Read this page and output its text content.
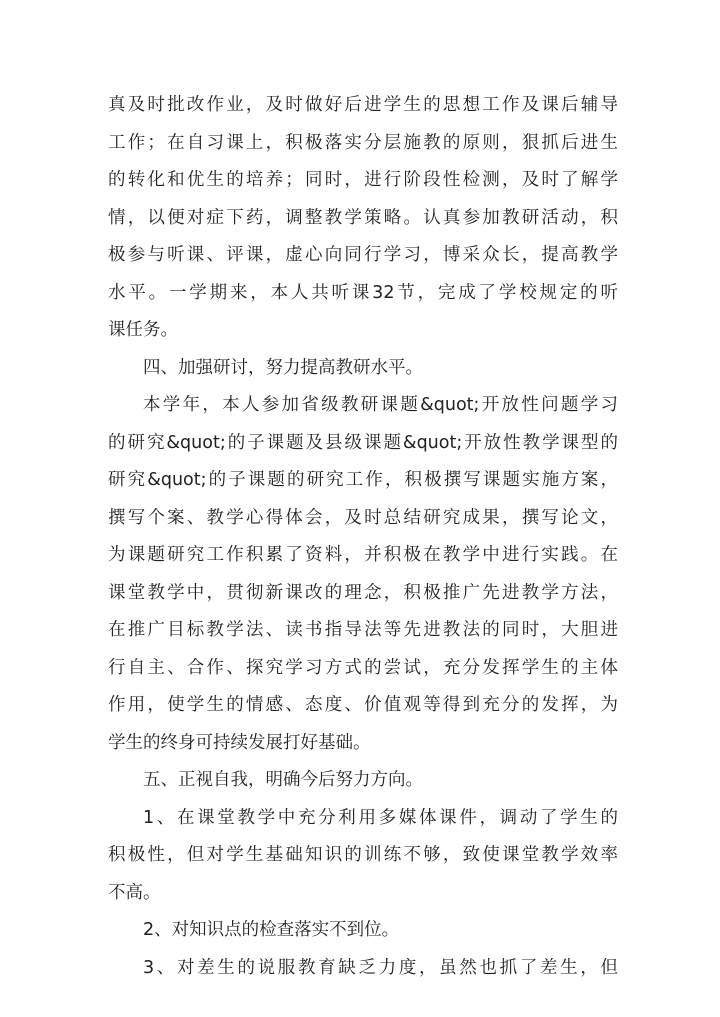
真及时批改作业，及时做好后进学生的思想工作及课后辅导
工作；在自习课上，积极落实分层施教的原则，狠抓后进生
的转化和优生的培养；同时，进行阶段性检测，及时了解学
情，以便对症下药，调整教学策略。认真参加教研活动，积
极参与听课、评课，虚心向同行学习，博采众长，提高教学
水平。一学期来，本人共听课32节，完成了学校规定的听
课任务。
四、加强研讨，努力提高教研水平。
本学年，本人参加省级教研课题&quot;开放性问题学习
的研究&quot;的子课题及县级课题&quot;开放性教学课型的
研究&quot;的子课题的研究工作，积极撰写课题实施方案，
撰写个案、教学心得体会，及时总结研究成果，撰写论文，
为课题研究工作积累了资料，并积极在教学中进行实践。在
课堂教学中，贯彻新课改的理念，积极推广先进教学方法，
在推广目标教学法、读书指导法等先进教法的同时，大胆进
行自主、合作、探究学习方式的尝试，充分发挥学生的主体
作用，使学生的情感、态度、价值观等得到充分的发挥，为
学生的终身可持续发展打好基础。
五、正视自我，明确今后努力方向。
1、在课堂教学中充分利用多媒体课件，调动了学生的
积极性，但对学生基础知识的训练不够，致使课堂教学效率
不高。
2、对知识点的检查落实不到位。
3、对差生的说服教育缺乏力度，虽然也抓了差生，但
